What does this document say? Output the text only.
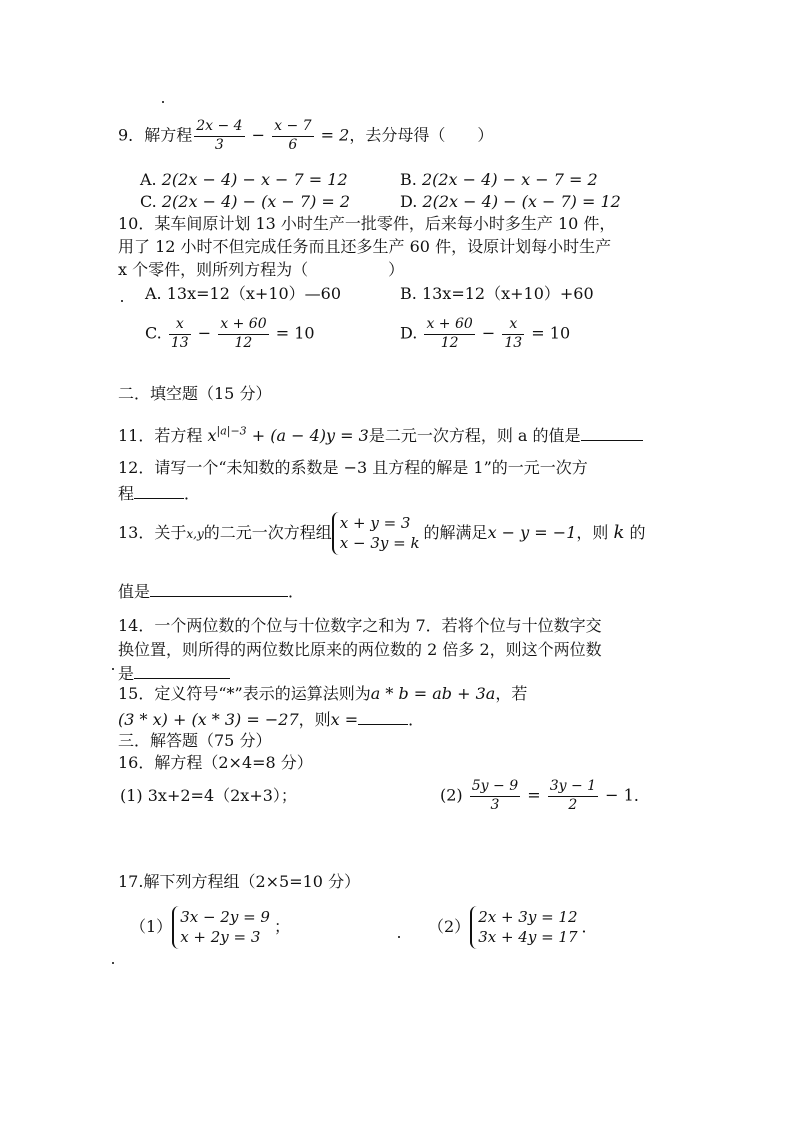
9．解方程 $\frac{2x - 4}{3} - \frac{x - 7}{6} = 2$，去分母得（　　）
A. 2(2x − 4) − x − 7 = 12	B. 2(2x − 4) − x − 7 = 2
C. 2(2x − 4) − (x − 7) = 2	D. 2(2x − 4) − (x − 7) = 12
10．某车间原计划 13 小时生产一批零件，后来每小时多生产 10 件，
用了 12 小时不但完成任务而且还多生产 60 件，设原计划每小时生产
x 个零件，则所列方程为（　　　　　）
A. 13x=12（x+10）—60	B. 13x=12（x+10）+60
C. $\frac{x}{13} - \frac{x + 60}{12} = 10$	D. $\frac{x + 60}{12} - \frac{x}{13} = 10$
二．填空题（15 分）
11．若方程 $x^{|a|-3} + (a - 4)y = 3$是二元一次方程，则 a 的值是
12．请写一个“未知数的系数是 −3 且方程的解是 1”的一元一次方
程	．
13．关于x,y的二元一次方程组 x + y = 3
x − 3y = k
的解满足x − y = −1，则 k 的
值是	．
14．一个两位数的个位与十位数字之和为 7．若将个位与十位数字交
换位置，则所得的两位数比原来的两位数的 2 倍多 2，则这个两位数
是
15．定义符号“*”表示的运算法则为a * b = ab + 3a，若
(3 * x) + (x * 3) = −27，则x =	．
三．解答题（75 分）
16．解方程（2×4=8 分）
(1) 3x+2=4（2x+3）；	$(2) \frac{5y - 9}{3} = \frac{3y - 1}{2} - 1$．
17.解下列方程组（2×5=10 分）
（1） 3x − 2y = 9
x + 2y = 3
；	（2） 2x + 3y = 12
3x + 4y = 17
．
